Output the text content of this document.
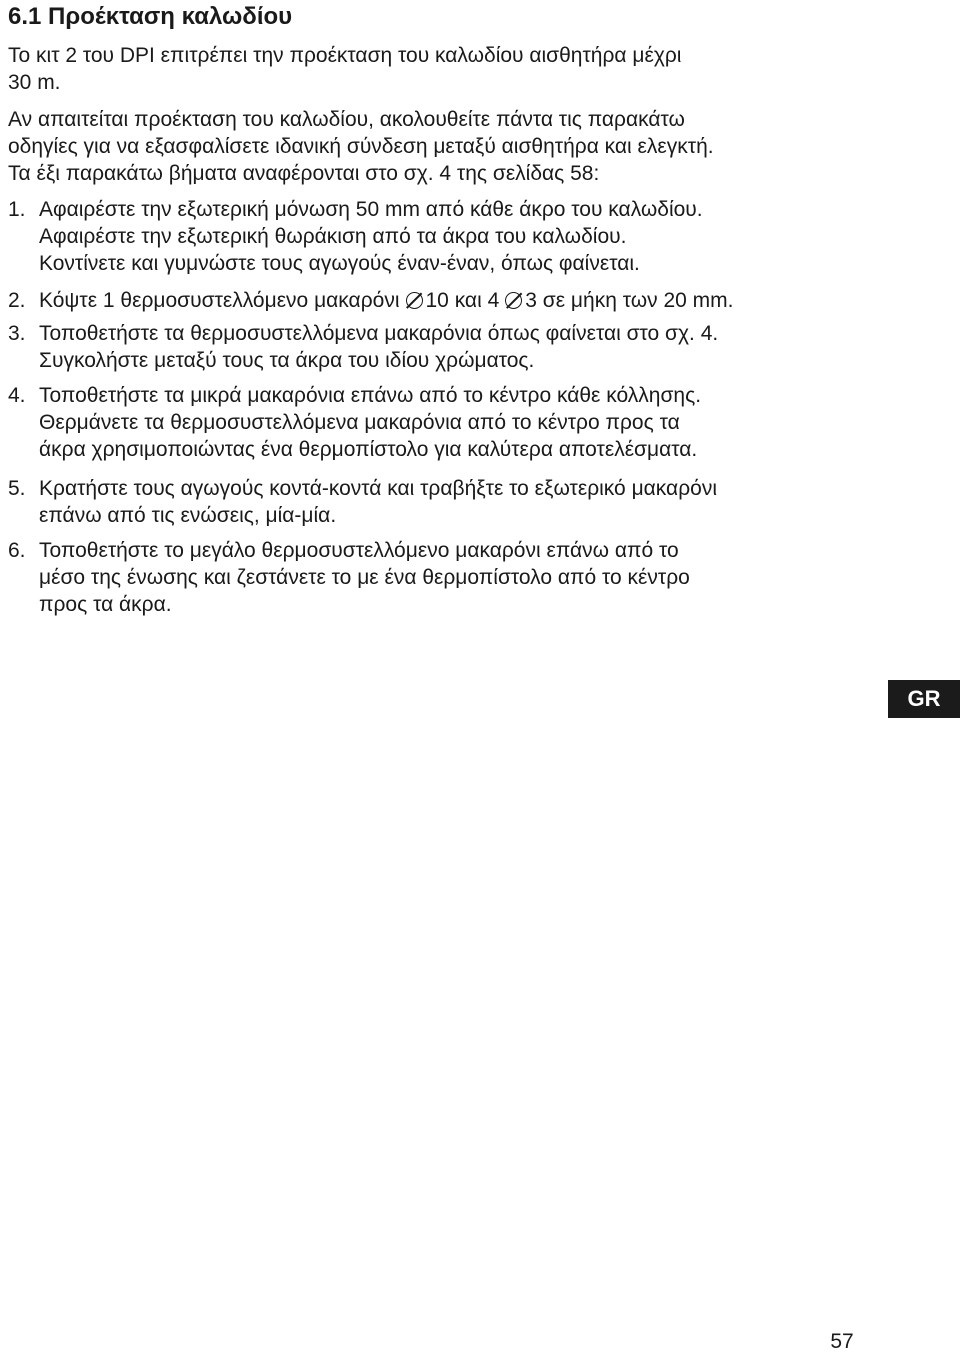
6.1 Προέκταση καλωδίου

Το κιτ 2 του DPI επιτρέπει την προέκταση του καλωδίου αισθητήρα μέχρι
30 m.

Αν απαιτείται προέκταση του καλωδίου, ακολουθείτε πάντα τις παρακάτω
οδηγίες για να εξασφαλίσετε ιδανική σύνδεση μεταξύ αισθητήρα και ελεγκτή.
Τα έξι παρακάτω βήματα αναφέρονται στο σχ. 4 της σελίδας 58:

1. Αφαιρέστε την εξωτερική μόνωση 50 mm από κάθε άκρο του καλωδίου.
Αφαιρέστε την εξωτερική θωράκιση από τα άκρα του καλωδίου.
Κοντίνετε και γυμνώστε τους αγωγούς έναν-έναν, όπως φαίνεται.
2. Κόψτε 1 θερμοσυστελλόμενο μακαρόνι 10 και 4 3 σε μήκη των 20 mm.
3. Τοποθετήστε τα θερμοσυστελλόμενα μακαρόνια όπως φαίνεται στο σχ. 4.
Συγκολήστε μεταξύ τους τα άκρα του ιδίου χρώματος.
4. Τοποθετήστε τα μικρά μακαρόνια επάνω από το κέντρο κάθε κόλλησης.
Θερμάνετε τα θερμοσυστελλόμενα μακαρόνια από το κέντρο προς τα
άκρα χρησιμοποιώντας ένα θερμοπίστολο για καλύτερα αποτελέσματα.
5. Κρατήστε τους αγωγούς κοντά-κοντά και τραβήξτε το εξωτερικό μακαρόνι
επάνω από τις ενώσεις, μία-μία.
6. Τοποθετήστε το μεγάλο θερμοσυστελλόμενο μακαρόνι επάνω από το
μέσο της ένωσης και ζεστάνετε το με ένα θερμοπίστολο από το κέντρο
προς τα άκρα.
GR
57
